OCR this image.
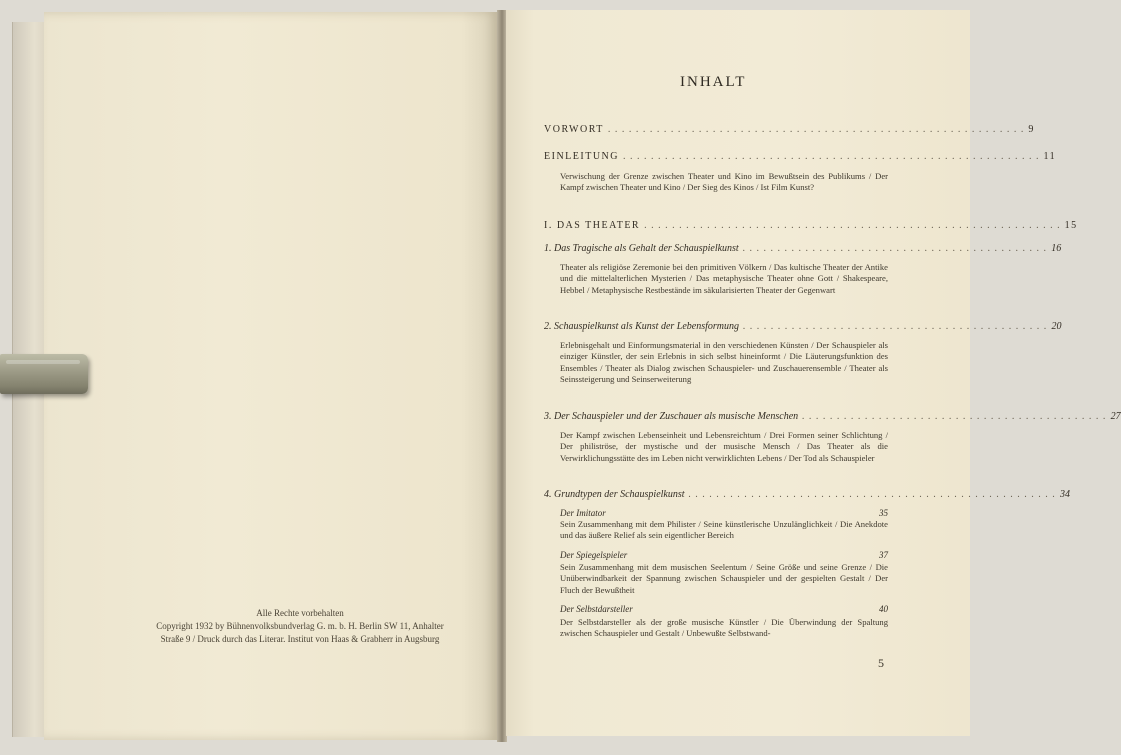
Alle Rechte vorbehalten
Copyright 1932 by Bühnenvolksbundverlag G. m. b. H. Berlin SW 11, Anhalter
Straße 9 / Druck durch das Literar. Institut von Haas & Grabherr in Augsburg
INHALT
VORWORT . . . . . . . . . . . . . . . . . . . . . . . . . . . . . . . . . . . . . . . . . . . . . . . . . . . . . . . . . . . . 9
EINLEITUNG . . . . . . . . . . . . . . . . . . . . . . . . . . . . . . . . . . . . . . . . . . . . . . . . . . . . . . . . . . . . 11
Verwischung der Grenze zwischen Theater und Kino im Bewußtsein des Publikums / Der Kampf zwischen Theater und Kino / Der Sieg des Kinos / Ist Film Kunst?
I. DAS THEATER . . . . . . . . . . . . . . . . . . . . . . . . . . . . . . . . . . . . . . . . . . . . . . . . . . . . . . . . . . . . 15
1. Das Tragische als Gehalt der Schauspielkunst . . . . . . . . . . . . . . . . . . . . . . . . . . . . . . . . . . . . . . . . . . . . 16
Theater als religiöse Zeremonie bei den primitiven Völkern / Das kultische Theater der Antike und die mittelalterlichen Mysterien / Das metaphysische Theater ohne Gott / Shakespeare, Hebbel / Metaphysische Restbestände im säkularisierten Theater der Gegenwart
2. Schauspielkunst als Kunst der Lebensformung . . . . . . . . . . . . . . . . . . . . . . . . . . . . . . . . . . . . . . . . . . . . 20
Erlebnisgehalt und Einformungsmaterial in den verschiedenen Künsten / Der Schauspieler als einziger Künstler, der sein Erlebnis in sich selbst hineinformt / Die Läuterungsfunktion des Ensembles / Theater als Dialog zwischen Schauspieler- und Zuschauerensemble / Theater als Seinssteigerung und Seinserweiterung
3. Der Schauspieler und der Zuschauer als musische Menschen . . . . . . . . . . . . . . . . . . . . . . . . . . . . . . . . . . . . . . . . . . . . 27
Der Kampf zwischen Lebenseinheit und Lebensreichtum / Drei Formen seiner Schlichtung / Der philiströse, der mystische und der musische Mensch / Das Theater als die Verwirklichungsstätte des im Leben nicht verwirklichten Lebens / Der Tod als Schauspieler
4. Grundtypen der Schauspielkunst . . . . . . . . . . . . . . . . . . . . . . . . . . . . . . . . . . . . . . . . . . . . . . . . . . . . . 34
Der Imitator	35
Sein Zusammenhang mit dem Philister / Seine künstlerische Unzulänglichkeit / Die Anekdote und das äußere Relief als sein eigentlicher Bereich
Der Spiegelspieler	37
Sein Zusammenhang mit dem musischen Seelentum / Seine Größe und seine Grenze / Die Unüberwindbarkeit der Spannung zwischen Schauspieler und der gespielten Gestalt / Der Fluch der Bewußtheit
Der Selbstdarsteller	40
Der Selbstdarsteller als der große musische Künstler / Die Überwindung der Spaltung zwischen Schauspieler und Gestalt / Unbewußte Selbstwand-
5
